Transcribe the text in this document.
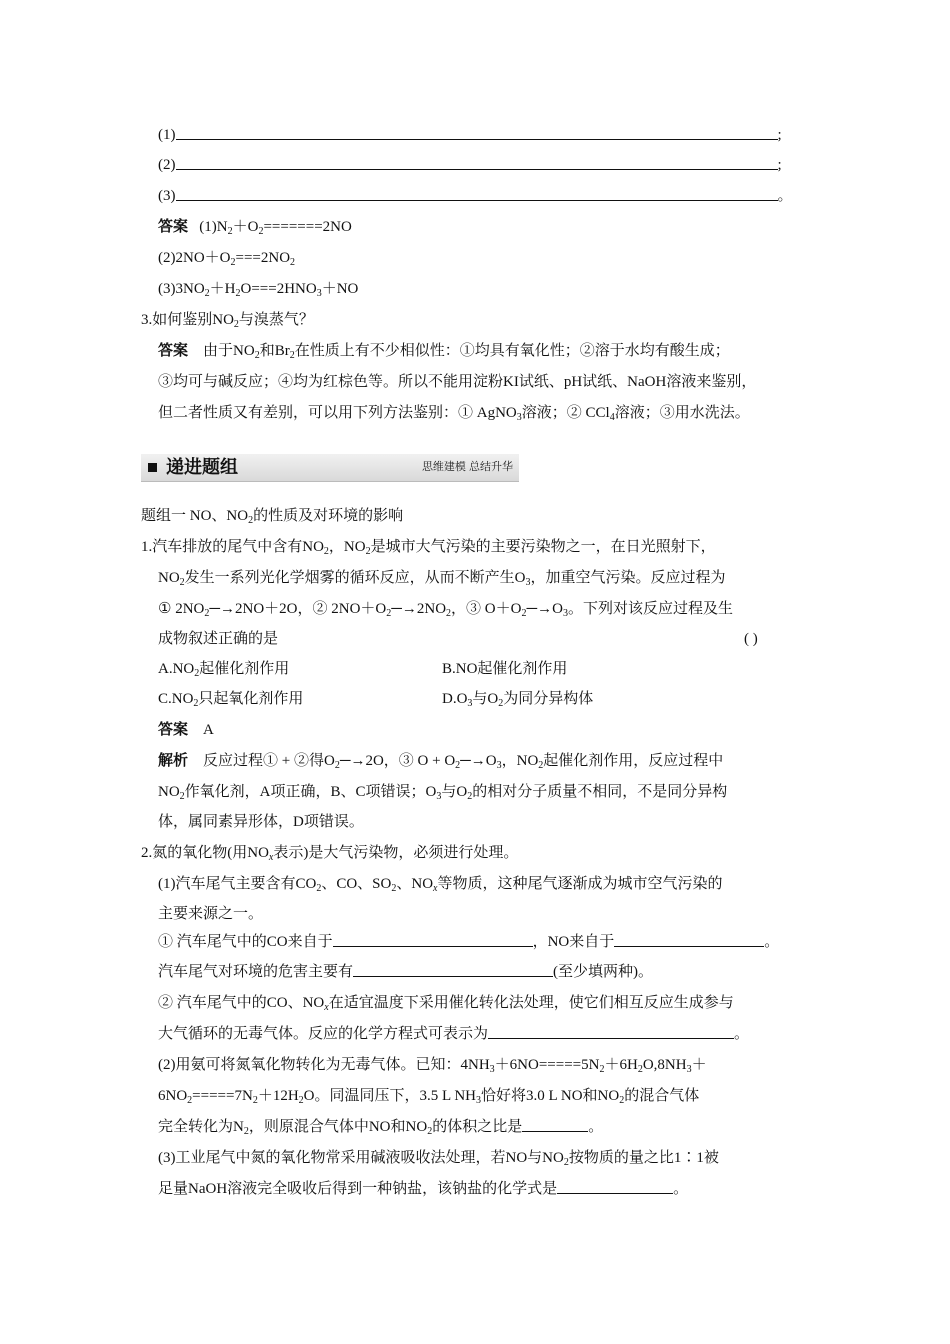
(1)	;
(2)	;
(3)	。
答案 $(1)N_2+O_2=======2NO$
$(2)2NO+O_2===2NO_2$
$(3)3NO_2+H_2O===2HNO_3+NO$
3.如何鉴别$NO_2$与溴蒸气？
答案 由于$NO_2$和$Br_2$在性质上有不少相似性：①均具有氧化性；②溶于水均有酸生成；
③均可与碱反应；④均为红棕色等。所以不能用淀粉KI试纸、pH试纸、NaOH溶液来鉴别，
但二者性质又有差别，可以用下列方法鉴别：① AgNO$_3$溶液；② CCl$_4$溶液；③用水洗法。
递进题组	思维建模 总结升华
题组一 NO、$NO_2$的性质及对环境的影响
1.汽车排放的尾气中含有$NO_2$，$NO_2$是城市大气污染的主要污染物之一，在日光照射下，
$NO_2$发生一系列光化学烟雾的循环反应，从而不断产生$O_3$，加重空气污染。反应过程为
① $2NO_2─\to 2NO+2O$，② $2NO+O_2─\to 2NO_2$，③ $O+O_2─\to O_3$。下列对该反应过程及生
成物叙述正确的是	( )
$A.NO_2$起催化剂作用	B.NO起催化剂作用
$C.NO_2$只起氧化剂作用	$D.O_3$与$O_2$为同分异构体
答案 A
解析 反应过程① + ②得$O_2─\to 2O$，③ $O + O_2─\to O_3$，$NO_2$起催化剂作用，反应过程中
$NO_2$作氧化剂，A项正确，B、C项错误；$O_3$与$O_2$的相对分子质量不相同，不是同分异构
体，属同素异形体，D项错误。
2.氮的氧化物(用$NO_x$表示)是大气污染物，必须进行处理。
(1)汽车尾气主要含有$CO_2$、CO、$SO_2$、$NO_x$等物质，这种尾气逐渐成为城市空气污染的
主要来源之一。
① 汽车尾气中的CO来自于	，NO来自于	。
汽车尾气对环境的危害主要有	(至少填两种)。
② 汽车尾气中的CO、$NO_x$在适宜温度下采用催化转化法处理，使它们相互反应生成参与
大气循环的无毒气体。反应的化学方程式可表示为	。
(2)用氨可将氮氧化物转化为无毒气体。已知：$4NH_3+6NO=====5N_2+6H_2O,8NH_3+$
$6NO_2=====7N_2+12H_2O$。同温同压下，3.5 L $NH_3$恰好将3.0 L NO和$NO_2$的混合气体
完全转化为$N_2$，则原混合气体中NO和$NO_2$的体积之比是	。
(3)工业尾气中氮的氧化物常采用碱液吸收法处理，若NO与$NO_2$按物质的量之比1∶1被
足量NaOH溶液完全吸收后得到一种钠盐，该钠盐的化学式是	。
